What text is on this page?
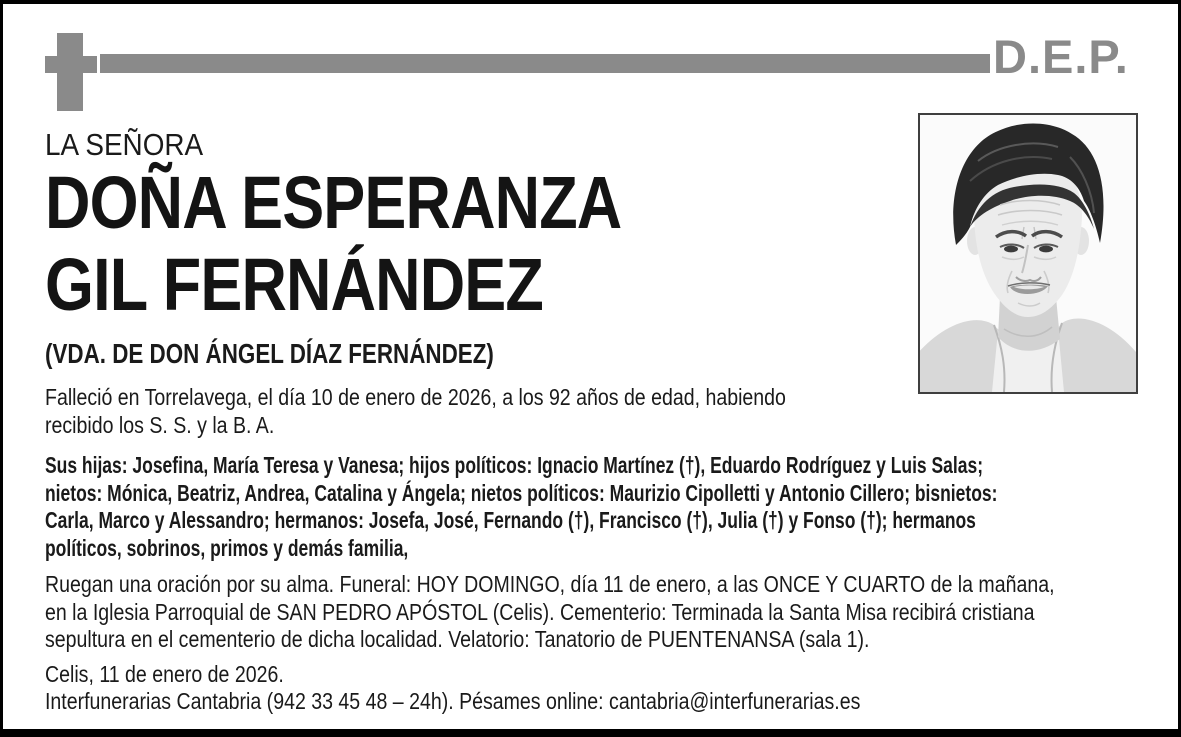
D.E.P.
LA SEÑORA
DOÑA ESPERANZA
GIL FERNÁNDEZ
(VDA. DE DON ÁNGEL DÍAZ FERNÁNDEZ)
Falleció en Torrelavega, el día 10 de enero de 2026, a los 92 años de edad, habiendo
recibido los S. S. y la B. A.
Sus hijas: Josefina, María Teresa y Vanesa; hijos políticos: Ignacio Martínez (†), Eduardo Rodríguez y Luis Salas;
nietos: Mónica, Beatriz, Andrea, Catalina y Ángela; nietos políticos: Maurizio Cipolletti y Antonio Cillero; bisnietos:
Carla, Marco y Alessandro; hermanos: Josefa, José, Fernando (†), Francisco (†), Julia (†) y Fonso (†); hermanos
políticos, sobrinos, primos y demás familia,
Ruegan una oración por su alma. Funeral: HOY DOMINGO, día 11 de enero, a las ONCE Y CUARTO de la mañana,
en la Iglesia Parroquial de SAN PEDRO APÓSTOL (Celis). Cementerio: Terminada la Santa Misa recibirá cristiana
sepultura en el cementerio de dicha localidad. Velatorio: Tanatorio de PUENTENANSA (sala 1).
Celis, 11 de enero de 2026.
Interfunerarias Cantabria (942 33 45 48 – 24h). Pésames online: cantabria@interfunerarias.es
